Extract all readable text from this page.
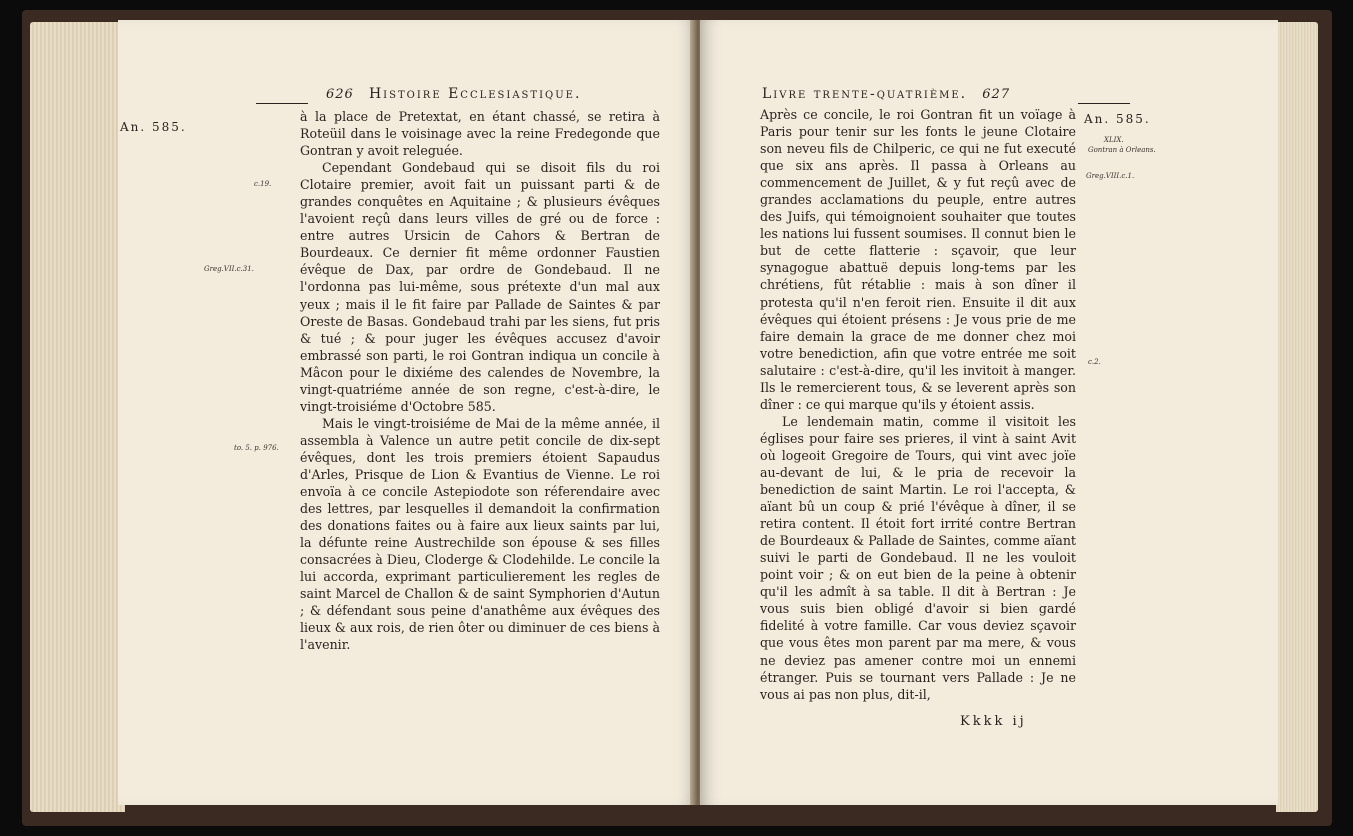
626 Histoire Ecclesiastique.
An. 585.
c.19.
Greg.VII.c.31.
to. 5. p. 976.

à la place de Pretextat, en étant chassé, se retira à Roteüil dans le voisinage avec la reine Fredegonde que Gontran y avoit releguée.

Cependant Gondebaud qui se disoit fils du roi Clotaire premier, avoit fait un puissant parti & de grandes conquêtes en Aquitaine ; & plusieurs évêques l'avoient reçû dans leurs villes de gré ou de force : entre autres Ursicin de Cahors & Bertran de Bourdeaux. Ce dernier fit même ordonner Faustien évêque de Dax, par ordre de Gondebaud. Il ne l'ordonna pas lui-même, sous prétexte d'un mal aux yeux ; mais il le fit faire par Pallade de Saintes & par Oreste de Basas. Gondebaud trahi par les siens, fut pris & tué ; & pour juger les évêques accusez d'avoir embrassé son parti, le roi Gontran indiqua un concile à Mâcon pour le dixiéme des calendes de Novembre, la vingt-quatriéme année de son regne, c'est-à-dire, le vingt-troisiéme d'Octobre 585.

Mais le vingt-troisiéme de Mai de la même année, il assembla à Valence un autre petit concile de dix-sept évêques, dont les trois premiers étoient Sapaudus d'Arles, Prisque de Lion & Evantius de Vienne. Le roi envoïa à ce concile Astepiodote son réferendaire avec des lettres, par lesquelles il demandoit la confirmation des donations faites ou à faire aux lieux saints par lui, la défunte reine Austrechilde son épouse & ses filles consacrées à Dieu, Cloderge & Clodehilde. Le concile la lui accorda, exprimant particulierement les regles de saint Marcel de Challon & de saint Symphorien d'Autun ; & défendant sous peine d'anathême aux évêques des lieux & aux rois, de rien ôter ou diminuer de ces biens à l'avenir.

Livre trente-quatrième. 627
An. 585.
XLIX.
Gontran à Orleans.
Greg.VIII.c.1.
c.2.

Après ce concile, le roi Gontran fit un voïage à Paris pour tenir sur les fonts le jeune Clotaire son neveu fils de Chilperic, ce qui ne fut executé que six ans après. Il passa à Orleans au commencement de Juillet, & y fut reçû avec de grandes acclamations du peuple, entre autres des Juifs, qui témoignoient souhaiter que toutes les nations lui fussent soumises. Il connut bien le but de cette flatterie : sçavoir, que leur synagogue abattuë depuis long-tems par les chrétiens, fût rétablie : mais à son dîner il protesta qu'il n'en feroit rien. Ensuite il dit aux évêques qui étoient présens : Je vous prie de me faire demain la grace de me donner chez moi votre benediction, afin que votre entrée me soit salutaire : c'est-à-dire, qu'il les invitoit à manger. Ils le remercierent tous, & se leverent après son dîner : ce qui marque qu'ils y étoient assis.

Le lendemain matin, comme il visitoit les églises pour faire ses prieres, il vint à saint Avit où logeoit Gregoire de Tours, qui vint avec joïe au-devant de lui, & le pria de recevoir la benediction de saint Martin. Le roi l'accepta, & aïant bû un coup & prié l'évêque à dîner, il se retira content. Il étoit fort irrité contre Bertran de Bourdeaux & Pallade de Saintes, comme aïant suivi le parti de Gondebaud. Il ne les vouloit point voir ; & on eut bien de la peine à obtenir qu'il les admît à sa table. Il dit à Bertran : Je vous suis bien obligé d'avoir si bien gardé fidelité à votre famille. Car vous deviez sçavoir que vous êtes mon parent par ma mere, & vous ne deviez pas amener contre moi un ennemi étranger. Puis se tournant vers Pallade : Je ne vous ai pas non plus, dit-il,

Kkkk ij
